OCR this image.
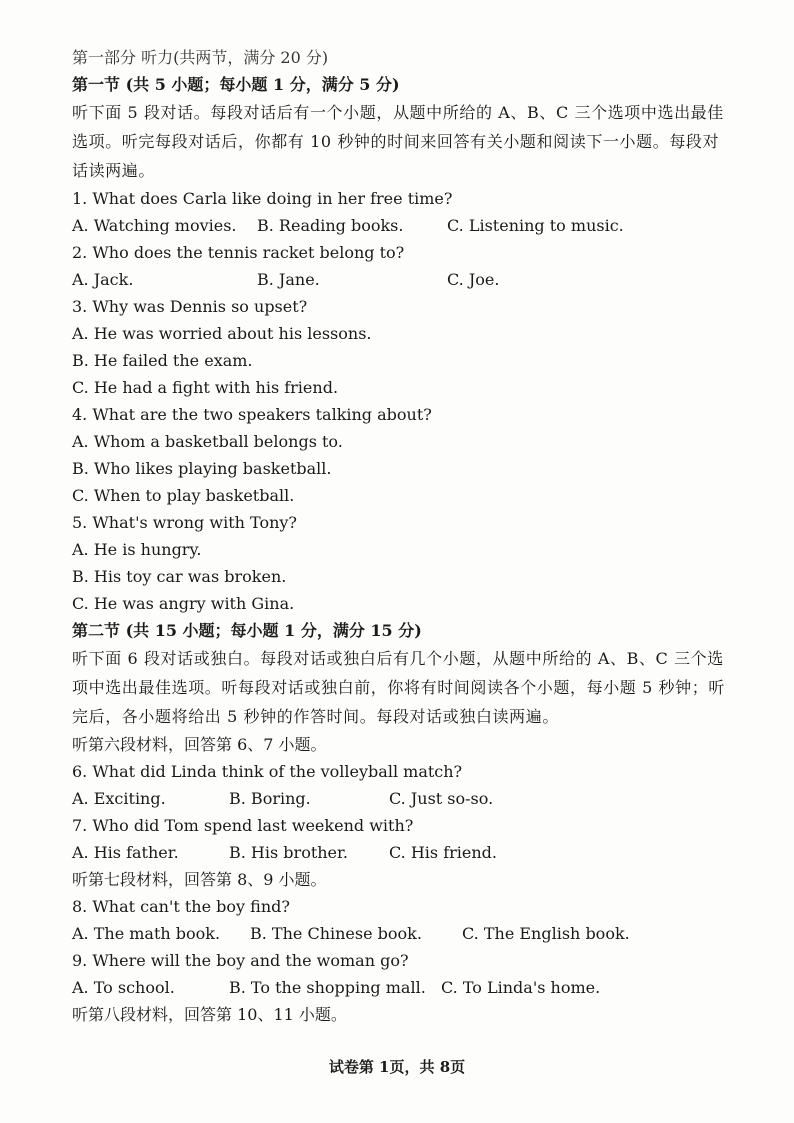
第一部分 听力(共两节，满分 20 分)
第一节 (共 5 小题；每小题 1 分，满分 5 分)
听下面 5 段对话。每段对话后有一个小题，从题中所给的 A、B、C 三个选项中选出最佳选项。听完每段对话后，你都有 10 秒钟的时间来回答有关小题和阅读下一小题。每段对话读两遍。
1. What does Carla like doing in her free time?
A. Watching movies.	B. Reading books.	C. Listening to music.
2. Who does the tennis racket belong to?
A. Jack.	B. Jane.	C. Joe.
3. Why was Dennis so upset?
A. He was worried about his lessons.
B. He failed the exam.
C. He had a fight with his friend.
4. What are the two speakers talking about?
A. Whom a basketball belongs to.
B. Who likes playing basketball.
C. When to play basketball.
5. What's wrong with Tony?
A. He is hungry.
B. His toy car was broken.
C. He was angry with Gina.
第二节 (共 15 小题；每小题 1 分，满分 15 分)
听下面 6 段对话或独白。每段对话或独白后有几个小题，从题中所给的 A、B、C 三个选项中选出最佳选项。听每段对话或独白前，你将有时间阅读各个小题，每小题 5 秒钟；听完后，各小题将给出 5 秒钟的作答时间。每段对话或独白读两遍。
听第六段材料，回答第 6、7 小题。
6. What did Linda think of the volleyball match?
A. Exciting.	B. Boring.	C. Just so-so.
7. Who did Tom spend last weekend with?
A. His father.	B. His brother.	C. His friend.
听第七段材料，回答第 8、9 小题。
8. What can't the boy find?
A. The math book.	B. The Chinese book.	C. The English book.
9. Where will the boy and the woman go?
A. To school.	B. To the shopping mall. C. To Linda's home.
听第八段材料，回答第 10、11 小题。
试卷第 1页，共 8页
